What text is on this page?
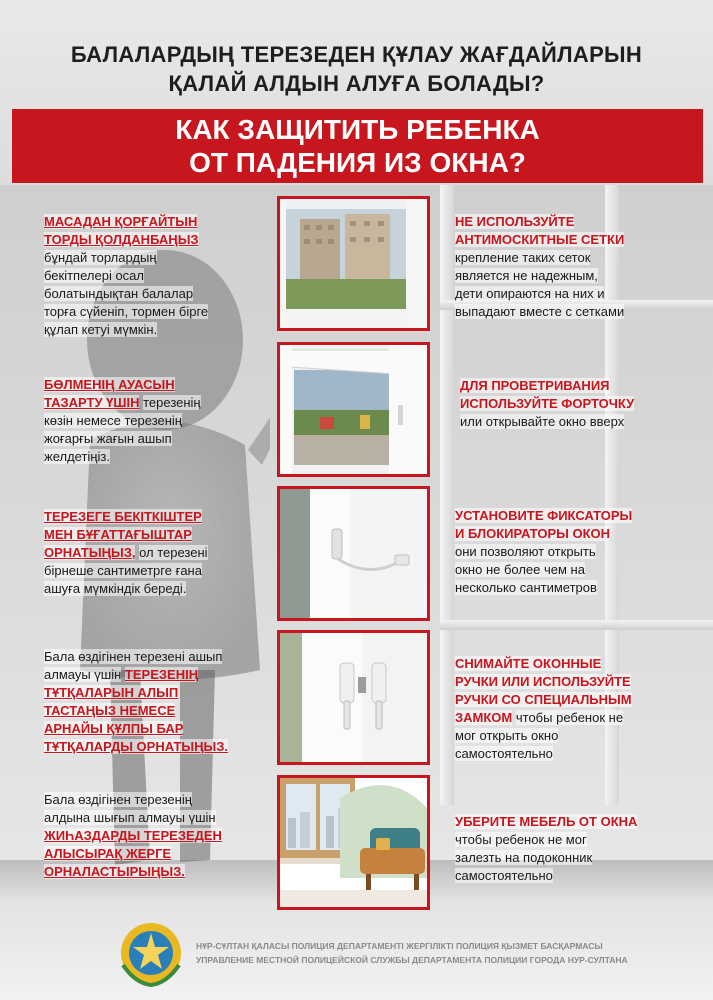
БАЛАЛАРДЫҢ ТЕРЕЗЕДЕН ҚҰЛАУ ЖАҒДАЙЛАРЫН
ҚАЛАЙ АЛДЫН АЛУҒА БОЛАДЫ?
КАК ЗАЩИТИТЬ РЕБЕНКА
ОТ ПАДЕНИЯ ИЗ ОКНА?
МАСАДАН ҚОРҒАЙТЫН
ТОРДЫ ҚОЛДАНБАҢЫЗ
бұндай торлардың
бекітпелері осал
болатындықтан балалар
торға сүйеніп, тормен бірге
құлап кетуі мүмкін.
БӨЛМЕНІҢ АУАСЫН
ТАЗАРТУ ҮШІН терезенің
көзін немесе терезенің
жоғарғы жағын ашып
желдетіңіз.
ТЕРЕЗЕГЕ БЕКІТКІШТЕР
МЕН БҰҒАТТАҒЫШТАР
ОРНАТЫҢЫЗ, ол терезені
бірнеше сантиметрге ғана
ашуға мүмкіндік береді.
Бала өздігінен терезені ашып
алмауы үшін ТЕРЕЗЕНІҢ
ТҰТҚАЛАРЫН АЛЫП
ТАСТАҢЫЗ НЕМЕСЕ
АРНАЙЫ ҚҰЛПЫ БАР
ТҰТҚАЛАРДЫ ОРНАТЫҢЫЗ.
Бала өздігінен терезенің
алдына шығып алмауы үшін
ЖИҺАЗДАРДЫ ТЕРЕЗЕДЕН
АЛЫСЫРАҚ ЖЕРГЕ
ОРНАЛАСТЫРЫҢЫЗ.
НЕ ИСПОЛЬЗУЙТЕ
АНТИМОСКИТНЫЕ СЕТКИ
крепление таких сеток
является не надежным,
дети опираются на них и
выпадают вместе с сетками
ДЛЯ ПРОВЕТРИВАНИЯ
ИСПОЛЬЗУЙТЕ ФОРТОЧКУ
или открывайте окно вверх
УСТАНОВИТЕ ФИКСАТОРЫ
И БЛОКИРАТОРЫ ОКОН
они позволяют открыть
окно не более чем на
несколько сантиметров
СНИМАЙТЕ ОКОННЫЕ
РУЧКИ ИЛИ ИСПОЛЬЗУЙТЕ
РУЧКИ СО СПЕЦИАЛЬНЫМ
ЗАМКОМ чтобы ребенок не
мог открыть окно
самостоятельно
УБЕРИТЕ МЕБЕЛЬ ОТ ОКНА
чтобы ребенок не мог
залезть на подоконник
самостоятельно
НҰР-СҰЛТАН ҚАЛАСЫ ПОЛИЦИЯ ДЕПАРТАМЕНТІ ЖЕРГІЛІКТІ ПОЛИЦИЯ ҚЫЗМЕТ БАСҚАРМАСЫ
УПРАВЛЕНИЕ МЕСТНОЙ ПОЛИЦЕЙСКОЙ СЛУЖБЫ ДЕПАРТАМЕНТА ПОЛИЦИИ ГОРОДА НУР-СУЛТАНА
